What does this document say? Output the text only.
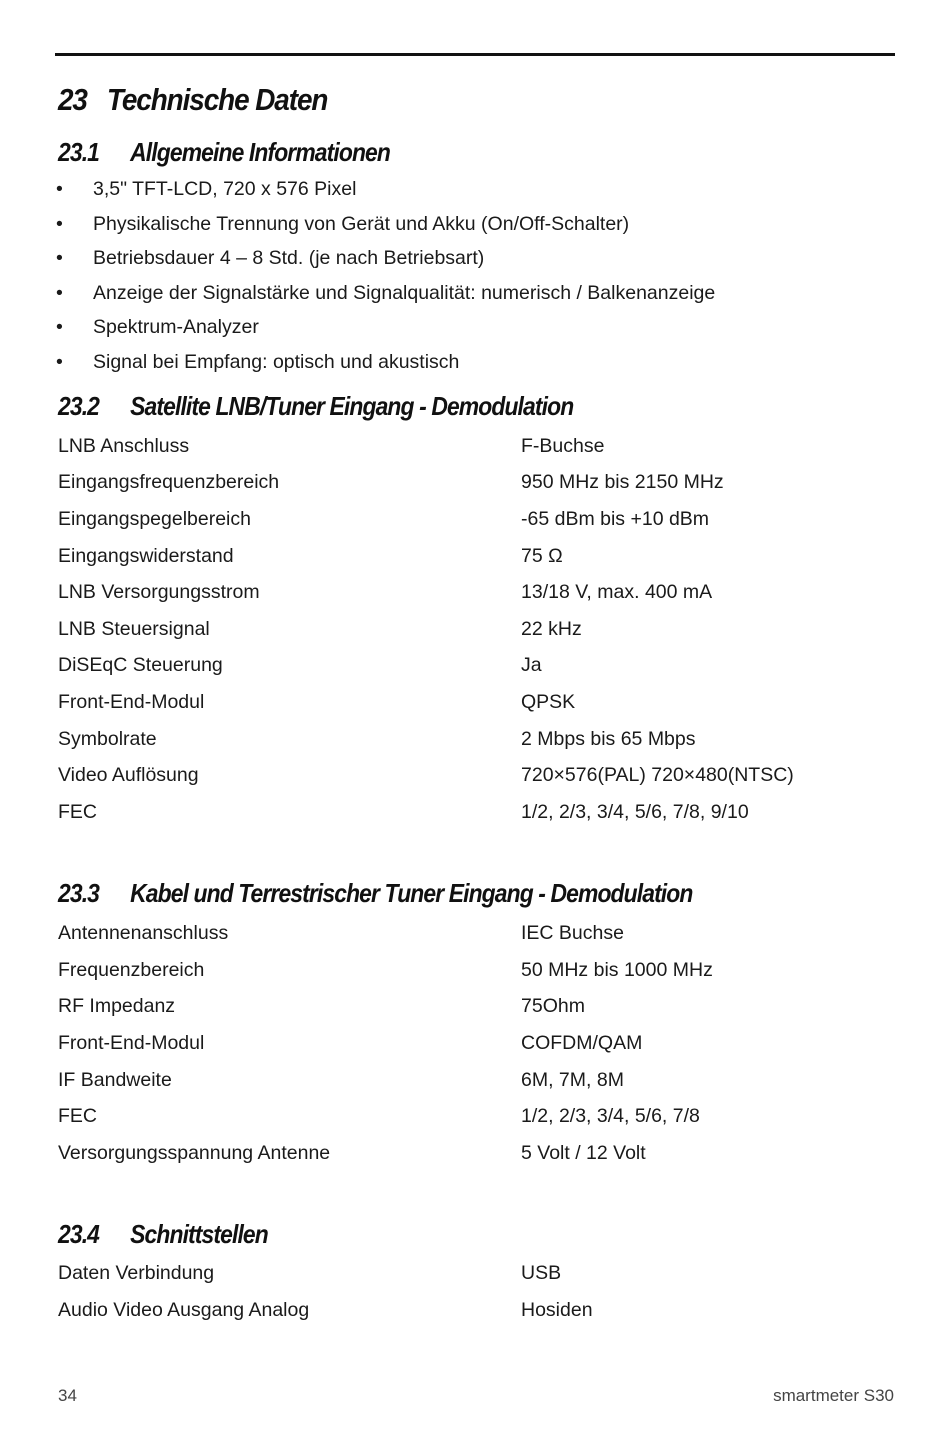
23   Technische Daten
23.1 Allgemeine Informationen
• 3,5" TFT-LCD, 720 x 576 Pixel
• Physikalische Trennung von Gerät und Akku (On/Off-Schalter)
• Betriebsdauer 4 – 8 Std. (je nach Betriebsart)
• Anzeige der Signalstärke und Signalqualität: numerisch / Balkenanzeige
• Spektrum-Analyzer
• Signal bei Empfang: optisch und akustisch
23.2 Satellite LNB/Tuner Eingang - Demodulation
LNB Anschluss	F-Buchse
Eingangsfrequenzbereich	950 MHz bis 2150 MHz
Eingangspegelbereich	-65 dBm bis +10 dBm
Eingangswiderstand	75 Ω
LNB Versorgungsstrom	13/18 V, max. 400 mA
LNB Steuersignal	22 kHz
DiSEqC Steuerung	Ja
Front-End-Modul	QPSK
Symbolrate	2 Mbps bis 65 Mbps
Video Auflösung	720×576(PAL) 720×480(NTSC)
FEC	1/2, 2/3, 3/4, 5/6, 7/8, 9/10
23.3 Kabel und Terrestrischer Tuner Eingang - Demodulation
Antennenanschluss	IEC Buchse
Frequenzbereich	50 MHz bis 1000 MHz
RF Impedanz	75Ohm
Front-End-Modul	COFDM/QAM
IF Bandweite	6M, 7M, 8M
FEC	1/2, 2/3, 3/4, 5/6, 7/8
Versorgungsspannung Antenne	5 Volt / 12 Volt
23.4 Schnittstellen
Daten Verbindung	USB
Audio Video Ausgang Analog	Hosiden
34	smartmeter S30
